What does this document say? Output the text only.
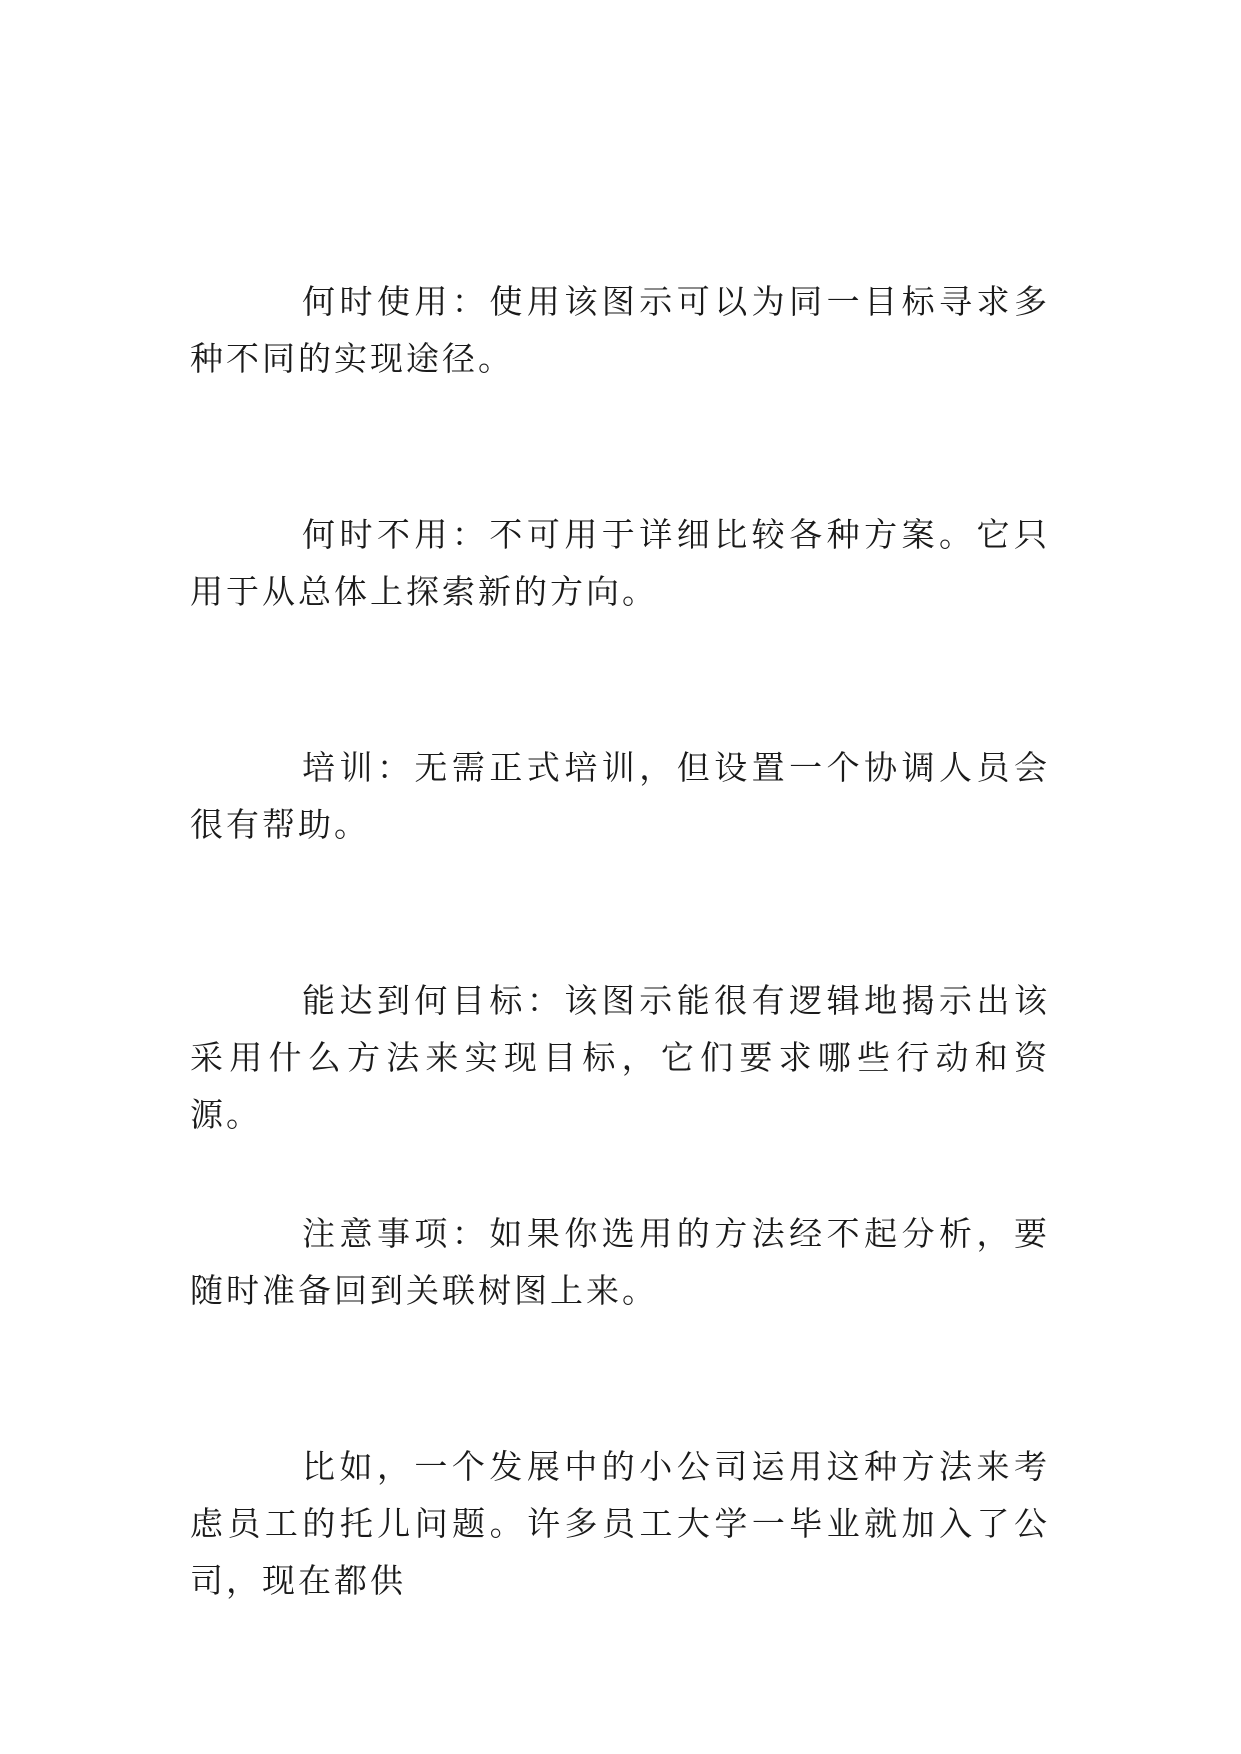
何时使用：使用该图示可以为同一目标寻求多种不同的实现途径。

何时不用：不可用于详细比较各种方案。它只用于从总体上探索新的方向。

培训：无需正式培训，但设置一个协调人员会很有帮助。

能达到何目标：该图示能很有逻辑地揭示出该采用什么方法来实现目标，它们要求哪些行动和资源。

注意事项：如果你选用的方法经不起分析，要随时准备回到关联树图上来。

比如，一个发展中的小公司运用这种方法来考虑员工的托儿问题。许多员工大学一毕业就加入了公司，现在都供
